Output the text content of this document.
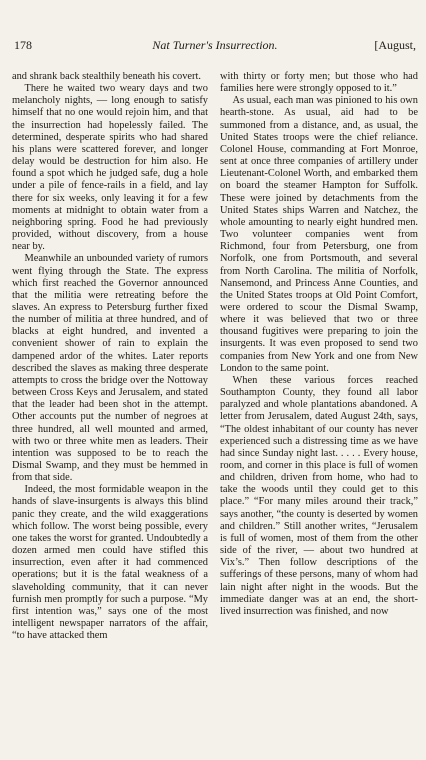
178	Nat Turner's Insurrection.	[August,

and shrank back stealthily beneath his covert.

There he waited two weary days and two melancholy nights, — long enough to satisfy himself that no one would rejoin him, and that the insurrection had hopelessly failed. The determined, desperate spirits who had shared his plans were scattered forever, and longer delay would be destruction for him also. He found a spot which he judged safe, dug a hole under a pile of fence-rails in a field, and lay there for six weeks, only leaving it for a few moments at midnight to obtain water from a neighboring spring. Food he had previously provided, without discovery, from a house near by.

Meanwhile an unbounded variety of rumors went flying through the State. The express which first reached the Governor announced that the militia were retreating before the slaves. An express to Petersburg further fixed the number of militia at three hundred, and of blacks at eight hundred, and invented a convenient shower of rain to explain the dampened ardor of the whites. Later reports described the slaves as making three desperate attempts to cross the bridge over the Nottoway between Cross Keys and Jerusalem, and stated that the leader had been shot in the attempt. Other accounts put the number of negroes at three hundred, all well mounted and armed, with two or three white men as leaders. Their intention was supposed to be to reach the Dismal Swamp, and they must be hemmed in from that side.

Indeed, the most formidable weapon in the hands of slave-insurgents is always this blind panic they create, and the wild exaggerations which follow. The worst being possible, every one takes the worst for granted. Undoubtedly a dozen armed men could have stifled this insurrection, even after it had commenced operations; but it is the fatal weakness of a slaveholding community, that it can never furnish men promptly for such a purpose. “My first intention was,” says one of the most intelligent newspaper narrators of the affair, “to have attacked them

with thirty or forty men; but those who had families here were strongly opposed to it.”

As usual, each man was pinioned to his own hearth-stone. As usual, aid had to be summoned from a distance, and, as usual, the United States troops were the chief reliance. Colonel House, commanding at Fort Monroe, sent at once three companies of artillery under Lieutenant-Colonel Worth, and embarked them on board the steamer Hampton for Suffolk. These were joined by detachments from the United States ships Warren and Natchez, the whole amounting to nearly eight hundred men. Two volunteer companies went from Richmond, four from Petersburg, one from Norfolk, one from Portsmouth, and several from North Carolina. The militia of Norfolk, Nansemond, and Princess Anne Counties, and the United States troops at Old Point Comfort, were ordered to scour the Dismal Swamp, where it was believed that two or three thousand fugitives were preparing to join the insurgents. It was even proposed to send two companies from New York and one from New London to the same point.

When these various forces reached Southampton County, they found all labor paralyzed and whole plantations abandoned. A letter from Jerusalem, dated August 24th, says, “The oldest inhabitant of our county has never experienced such a distressing time as we have had since Sunday night last. . . . . Every house, room, and corner in this place is full of women and children, driven from home, who had to take the woods until they could get to this place.” “For many miles around their track,” says another, “the county is deserted by women and children.” Still another writes, “Jerusalem is full of women, most of them from the other side of the river, — about two hundred at Vix’s.” Then follow descriptions of the sufferings of these persons, many of whom had lain night after night in the woods. But the immediate danger was at an end, the short-lived insurrection was finished, and now
